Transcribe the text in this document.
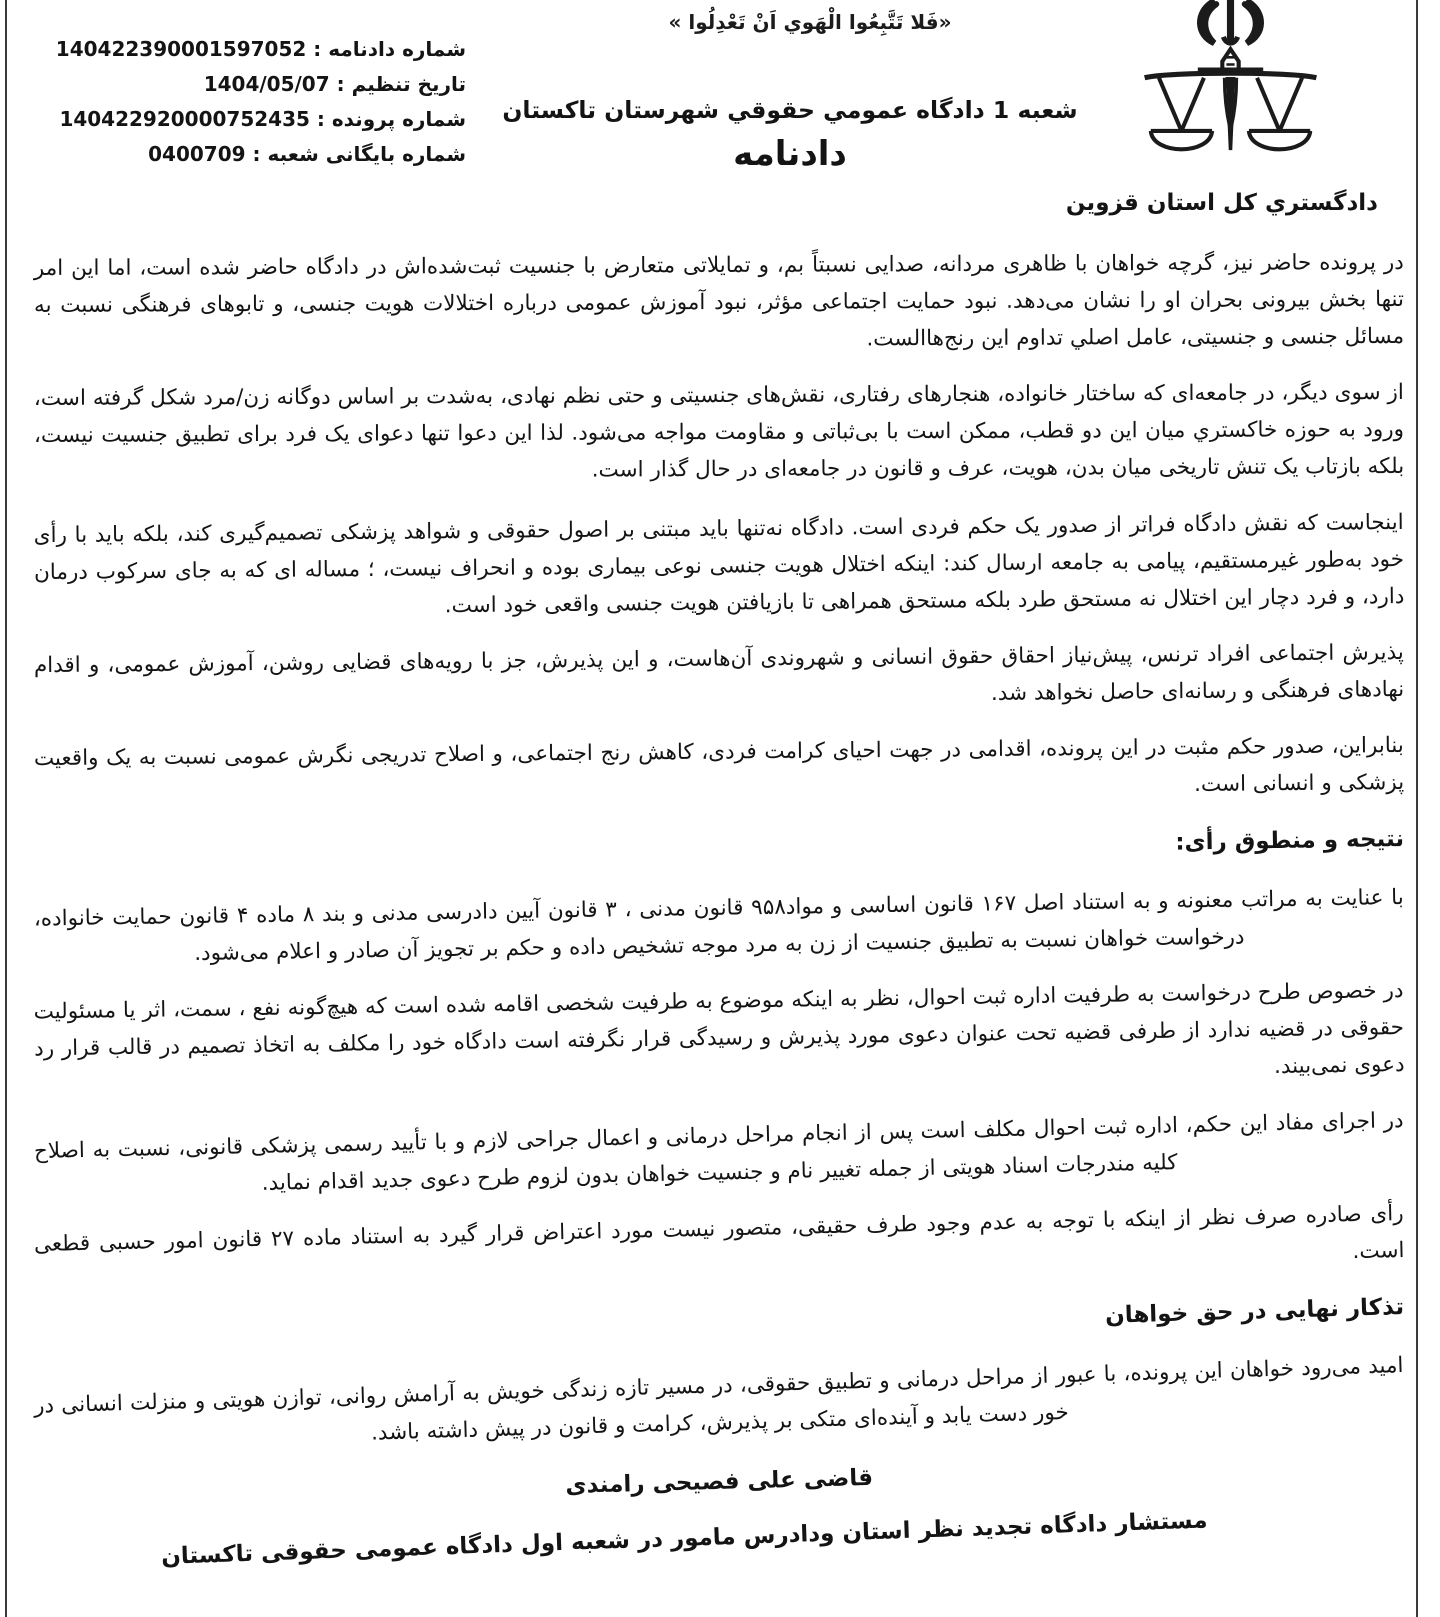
«فَلا تَتَّبِعُوا الْهَوي اَنْ تَعْدِلُوا »
شماره دادنامه : 140422390001597052
تاریخ تنظیم : 1404/05/07
شماره پرونده : 140422920000752435
شماره بایگانی شعبه : 0400709
شعبه 1 دادگاه عمومي حقوقي شهرستان تاکستان
دادنامه
دادگستري کل استان قزوین

در پرونده حاضر نیز، گرچه خواهان با ظاهری مردانه، صدایی نسبتاً بم، و تمایلاتی متعارض با جنسیت ثبت‌شده‌اش در دادگاه حاضر شده است، اما این امر تنها بخش بیرونی بحران او را نشان می‌دهد. نبود حمایت اجتماعی مؤثر، نبود آموزش عمومی درباره اختلالات هویت جنسی، و تابوهای فرهنگی نسبت به مسائل جنسی و جنسیتی، عامل اصلي تداوم این رنج‌هاالست.

از سوی دیگر، در جامعه‌ای که ساختار خانواده، هنجارهای رفتاری، نقش‌های جنسیتی و حتی نظم نهادی، به‌شدت بر اساس دوگانه زن/مرد شکل گرفته است، ورود به حوزه خاکستري میان این دو قطب، ممکن است با بی‌ثباتی و مقاومت مواجه می‌شود. لذا این دعوا تنها دعوای یک فرد برای تطبیق جنسیت نیست، بلکه بازتاب یک تنش تاریخی میان بدن، هویت، عرف و قانون در جامعه‌ای در حال گذار است.

اینجاست که نقش دادگاه فراتر از صدور یک حکم فردی است. دادگاه نه‌تنها باید مبتنی بر اصول حقوقی و شواهد پزشکی تصمیم‌گیری کند، بلکه باید با رأی خود به‌طور غیرمستقیم، پیامی به جامعه ارسال کند: اینکه اختلال هویت جنسی نوعی بیماری بوده و انحراف نیست، ؛ مساله ای که به جای سرکوب درمان دارد، و فرد دچار این اختلال نه مستحق طرد بلکه مستحق همراهی تا بازیافتن هویت جنسی واقعی خود است.

پذیرش اجتماعی افراد ترنس، پیش‌نیاز احقاق حقوق انسانی و شهروندی آن‌هاست، و این پذیرش، جز با رویه‌های قضایی روشن، آموزش عمومی، و اقدام نهادهای فرهنگی و رسانه‌ای حاصل نخواهد شد.

بنابراین، صدور حکم مثبت در این پرونده، اقدامی در جهت احیای کرامت فردی، کاهش رنج اجتماعی، و اصلاح تدریجی نگرش عمومی نسبت به یک واقعیت پزشکی و انسانی است.

نتیجه و منطوق رأی:

با عنایت به مراتب معنونه و به استناد اصل ۱۶۷ قانون اساسی و مواد۹۵۸ قانون مدنی ، ۳ قانون آیین دادرسی مدنی و بند ۸ ماده ۴ قانون حمایت خانواده، درخواست خواهان نسبت به تطبیق جنسیت از زن به مرد موجه تشخیص داده و حکم بر تجویز آن صادر و اعلام می‌شود.

در خصوص طرح درخواست به طرفیت اداره ثبت احوال، نظر به اینکه موضوع به طرفیت شخصی اقامه شده است که هیچ‌گونه نفع ، سمت، اثر یا مسئولیت حقوقی در قضیه ندارد از طرفی قضیه تحت عنوان دعوی مورد پذیرش و رسیدگی قرار نگرفته است دادگاه خود را مکلف به اتخاذ تصمیم در قالب قرار رد دعوی نمی‌بیند.

در اجرای مفاد این حکم، اداره ثبت احوال مکلف است پس از انجام مراحل درمانی و اعمال جراحی لازم و با تأیید رسمی پزشکی قانونی، نسبت به اصلاح کلیه مندرجات اسناد هویتی از جمله تغییر نام و جنسیت خواهان بدون لزوم طرح دعوی جدید اقدام نماید.

رأی صادره صرف نظر از اینکه با توجه به عدم وجود طرف حقیقی، متصور نیست مورد اعتراض قرار گیرد به استناد ماده ۲۷ قانون امور حسبی قطعی است.

تذکار نهایی در حق خواهان

امید می‌رود خواهان این پرونده، با عبور از مراحل درمانی و تطبیق حقوقی، در مسیر تازه زندگی خویش به آرامش روانی، توازن هویتی و منزلت انسانی در خور دست یابد و آینده‌ای متکی بر پذیرش، کرامت و قانون در پیش داشته باشد.

قاضی علی فصیحی رامندی
مستشار دادگاه تجدید نظر استان ودادرس مامور در شعبه اول دادگاه عمومی حقوقی تاکستان
